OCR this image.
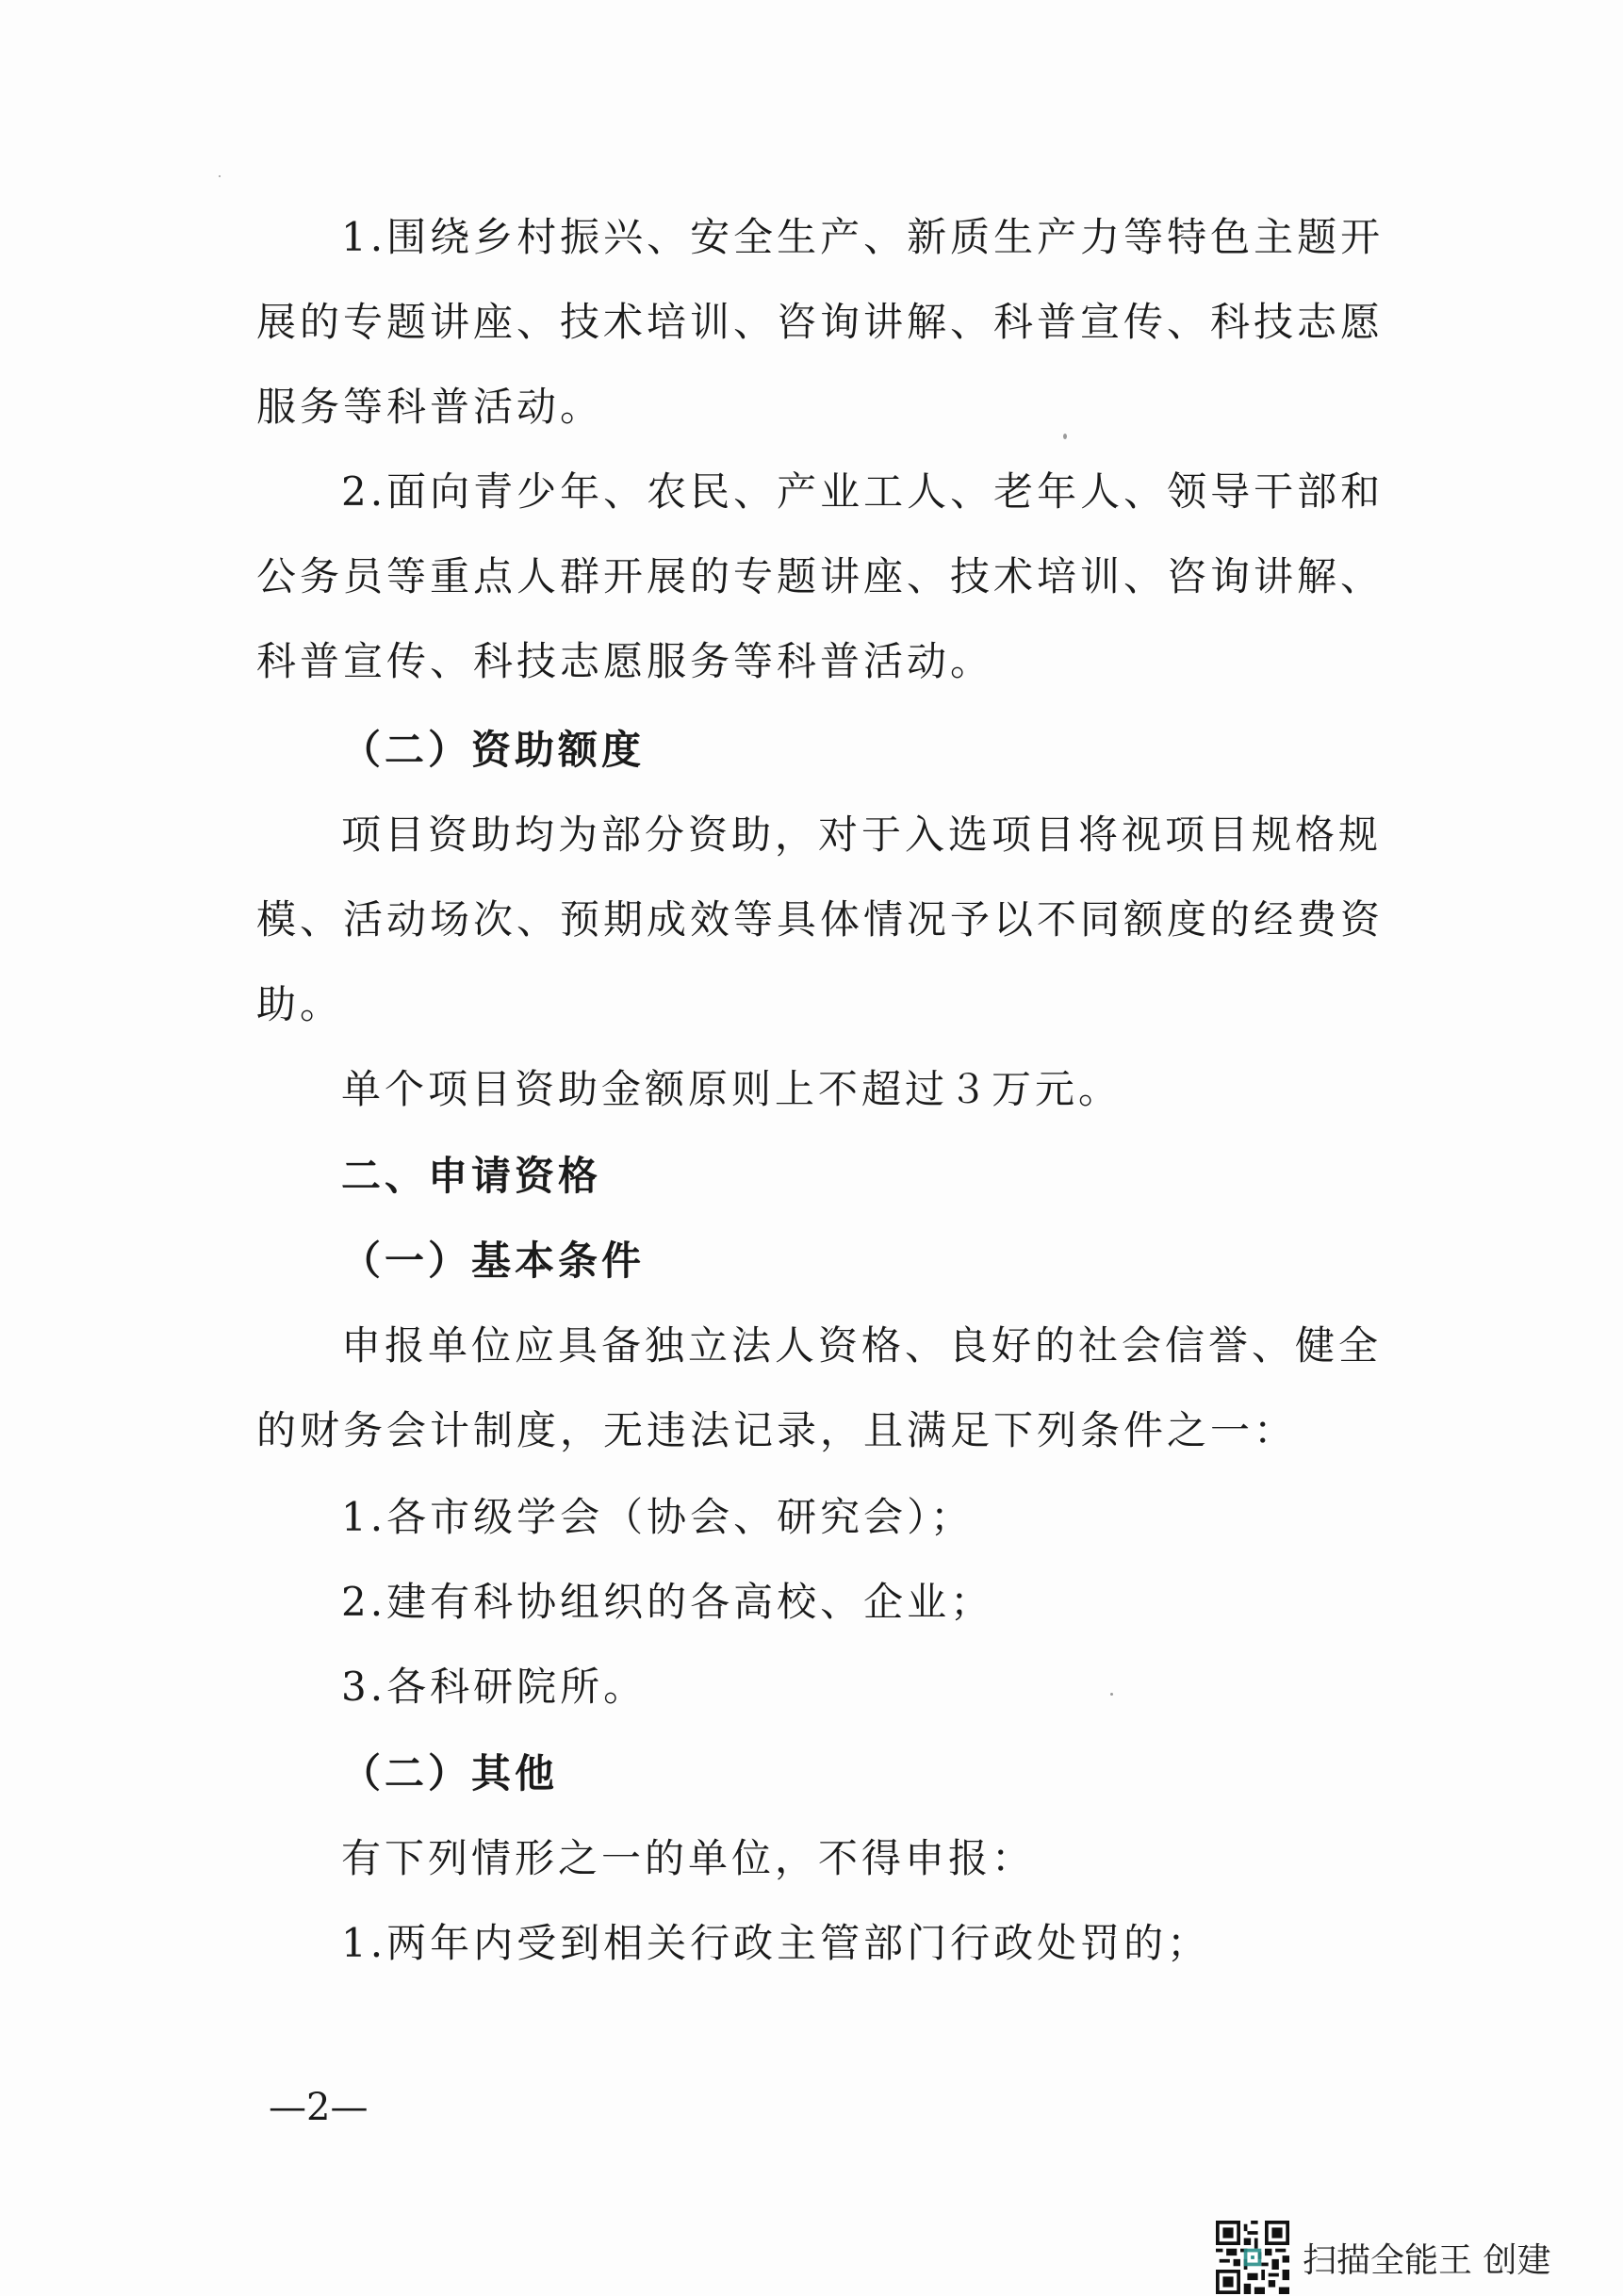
1.围绕乡村振兴、安全生产、新质生产力等特色主题开
展的专题讲座、技术培训、咨询讲解、科普宣传、科技志愿
服务等科普活动。
2.面向青少年、农民、产业工人、老年人、领导干部和
公务员等重点人群开展的专题讲座、技术培训、咨询讲解、
科普宣传、科技志愿服务等科普活动。
（二）资助额度
项目资助均为部分资助，对于入选项目将视项目规格规
模、活动场次、预期成效等具体情况予以不同额度的经费资
助。
单个项目资助金额原则上不超过３万元。
二、申请资格
（一）基本条件
申报单位应具备独立法人资格、良好的社会信誉、健全
的财务会计制度，无违法记录，且满足下列条件之一：
1.各市级学会（协会、研究会）；
2.建有科协组织的各高校、企业；
3.各科研院所。
（二）其他
有下列情形之一的单位，不得申报：
1.两年内受到相关行政主管部门行政处罚的；
—2—
扫描全能王 创建
